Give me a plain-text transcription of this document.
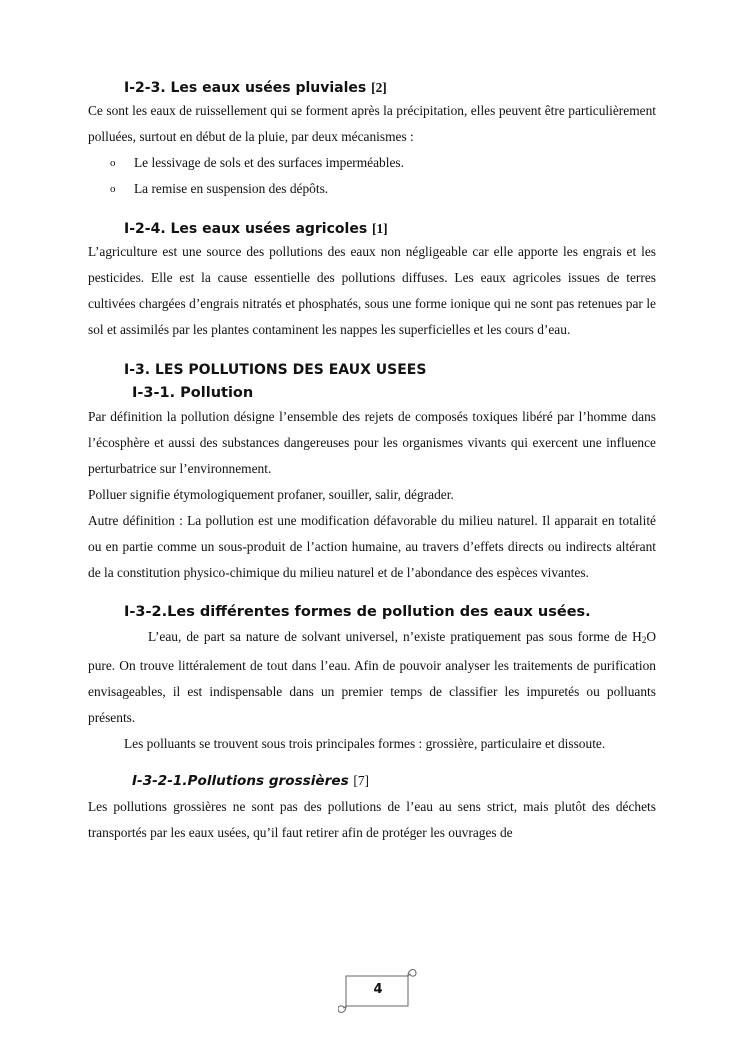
I-2-3. Les eaux usées pluviales [2]

Ce sont les eaux de ruissellement qui se forment après la précipitation, elles peuvent être particulièrement polluées, surtout en début de la pluie, par deux mécanismes :

o Le lessivage de sols et des surfaces imperméables.
o La remise en suspension des dépôts.
I-2-4. Les eaux usées agricoles [1]

L’agriculture est une source des pollutions des eaux non négligeable car elle apporte les engrais et les pesticides. Elle est la cause essentielle des pollutions diffuses. Les eaux agricoles issues de terres cultivées chargées d’engrais nitratés et phosphatés, sous une forme ionique qui ne sont pas retenues par le sol et assimilés par les plantes contaminent les nappes les superficielles et les cours d’eau.

I-3. LES POLLUTIONS DES EAUX USEES
I-3-1. Pollution

Par définition la pollution désigne l’ensemble des rejets de composés toxiques libéré par l’homme dans l’écosphère et aussi des substances dangereuses pour les organismes vivants qui exercent une influence perturbatrice sur l’environnement.

Polluer signifie étymologiquement profaner, souiller, salir, dégrader.

Autre définition : La pollution est une modification défavorable du milieu naturel. Il apparait en totalité ou en partie comme un sous-produit de l’action humaine, au travers d’effets directs ou indirects altérant de la constitution physico-chimique du milieu naturel et de l’abondance des espèces vivantes.

I-3-2.Les différentes formes de pollution des eaux usées.

L’eau, de part sa nature de solvant universel, n’existe pratiquement pas sous forme de $H_2O$ pure. On trouve littéralement de tout dans l’eau. Afin de pouvoir analyser les traitements de purification envisageables, il est indispensable dans un premier temps de classifier les impuretés ou polluants présents.

Les polluants se trouvent sous trois principales formes : grossière, particulaire et dissoute.

I-3-2-1.Pollutions grossières [7]

Les pollutions grossières ne sont pas des pollutions de l’eau au sens strict, mais plutôt des déchets transportés par les eaux usées, qu’il faut retirer afin de protéger les ouvrages de

4
